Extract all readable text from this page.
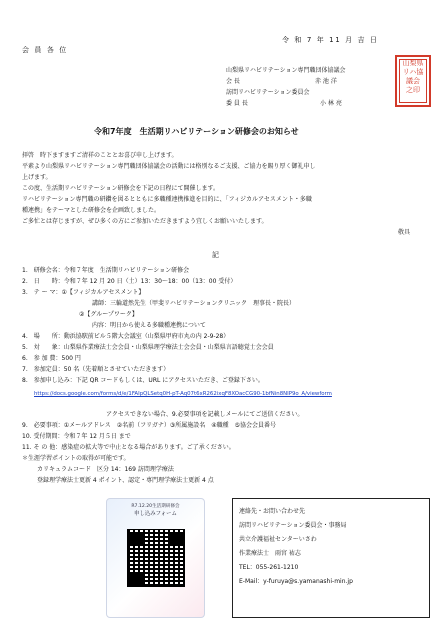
令 和 7 年 11 月 吉 日
会 員 各 位
山梨県リハビリテーション専門職団体協議会
会 長	赤 池 洋
訪問リハビリテーション委員会
委 員 長	小 林 亮
山梨県
リハ協
議会
之印
令和7年度　生活期リハビリテーション研修会のお知らせ
拝啓　時下ますますご清祥のこととお喜び申し上げます。
平素より山梨県リハビリテーション専門職団体協議会の活動には格別なるご支援、ご協力を賜り厚く御礼申し
上げます。
この度、生活期リハビリテーション研修会を下記の日程にて開催します。
リハビリテーション専門職の研鑽を図るとともに多職種連携推進を目的に、「フィジカルアセスメント・多職
種連携」をテーマとした研修会を企画致しました。
ご多忙とは存じますが、ぜひ多くの方にご参加いただきますよう宜しくお願いいたします。
敬具
記
1.　研修会名：令和７年度　生活期リハビリテーション研修会
2.　日　　時：令和７年 12 月 20 日（土）13：30～18：00（13：00 受付）
3.　テ ー マ：①【フィジカルアセスメント】
講師：三輪道然先生（甲斐リハビリテーションクリニック　理事長・院長）
②【グループワーク】
内容：明日から使える多職種連携について
4.　場　　所：動浜協駅前ビル５階大会議室（山梨県甲府市丸の内 2-9-28）
5.　対　　象：山梨県作業療法士会会員・山梨県理学療法士会会員・山梨県言語聴覚士会会員
6.　参 加 費：500 円
7.　参加定員：50 名（先着順とさせていただきます）
8.　参加申し込み：下記 QR コードもしくは、URL にアクセスいただき、ご登録下さい。
https://docs.google.com/forms/d/e/1FAIpQLSetq0H-pT-Aq07t6xR262ixqF8XOacCG90-1bfNin8NIP9o_A/viewform
アクセスできない場合、9.必要事項を記載しメールにてご送信ください。
9.　必要事項：①メールアドレス　②名前（フリガナ）③所属施設名　④職種　⑤協会会員番号
10. 受付期間：令和７年 12 月５日 まで
11. そ の 他：感染症の拡大等で中止となる場合があります。ご了承ください。
＊生涯学習ポイントの取得が可能です。
カリキュラムコード　区分 14：169 訪問理学療法
登録理学療法士更新 4 ポイント、認定・専門理学療法士更新 4 点
R7.12.20生活期研修会
申し込みフォーム	連絡先・お問い合わせ先
訪問リハビリテーション委員会・事務局
共立介護福祉センターいさわ
作業療法士　雨宮 祐志
TEL：055-261-1210
E-Mail：y-furuya@s.yamanashi-min.jp
